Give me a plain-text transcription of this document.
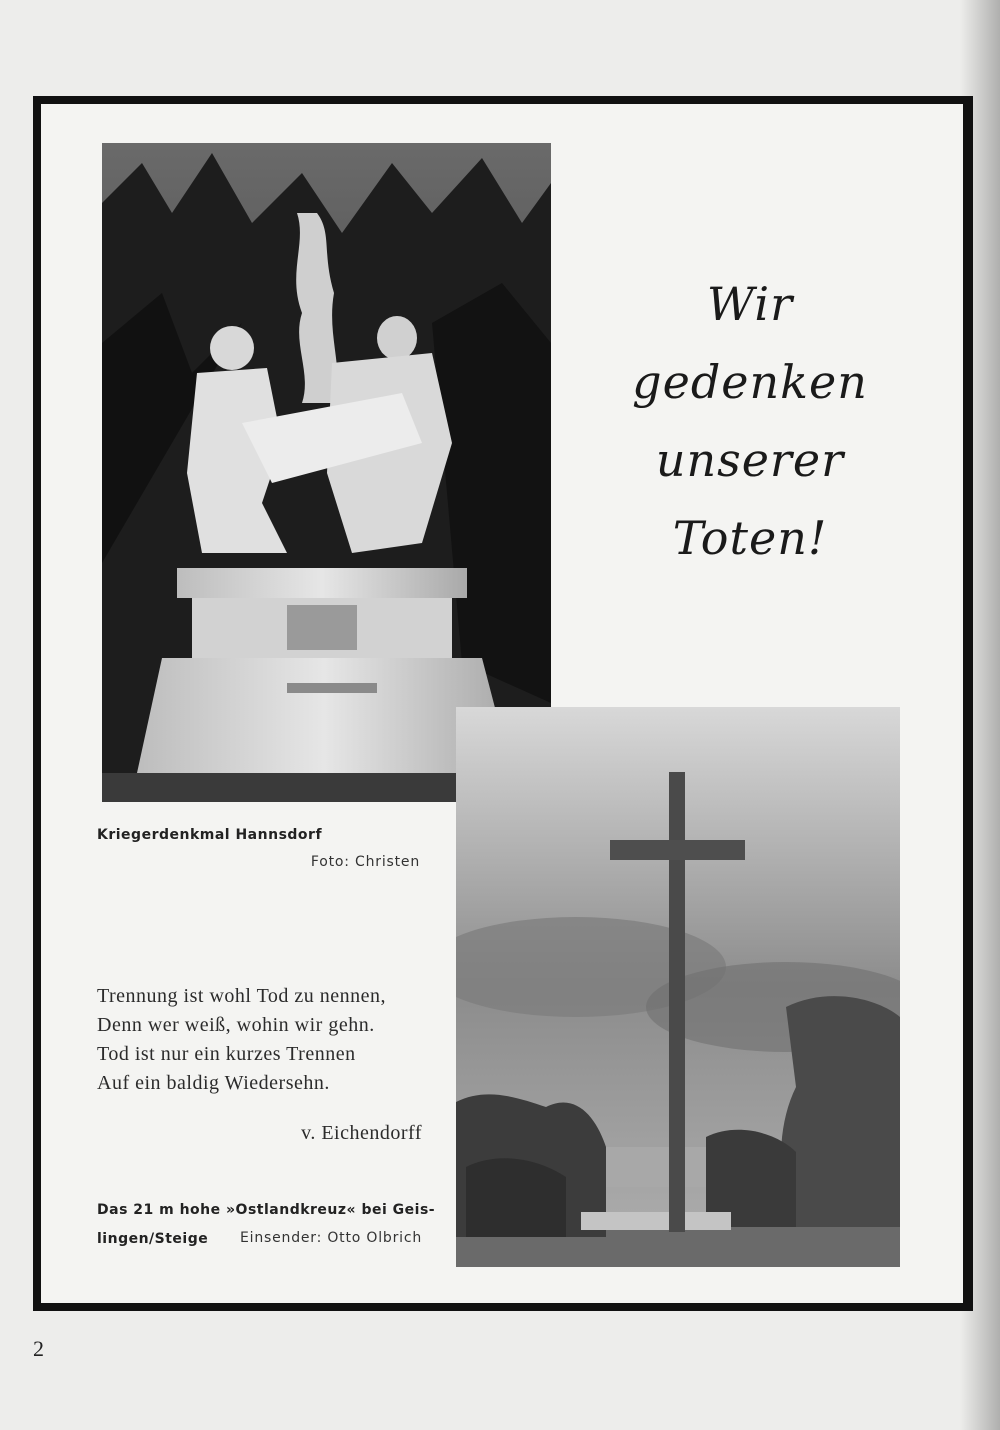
Wir
gedenken unserer
Toten!
Kriegerdenkmal Hannsdorf
Foto: Christen
Trennung ist wohl Tod zu nennen,
Denn wer weiß, wohin wir gehn.
Tod ist nur ein kurzes Trennen
Auf ein baldig Wiedersehn.
v. Eichendorff
Das 21 m hohe »Ostlandkreuz« bei Geis-
lingen/Steige Einsender: Otto Olbrich
2
